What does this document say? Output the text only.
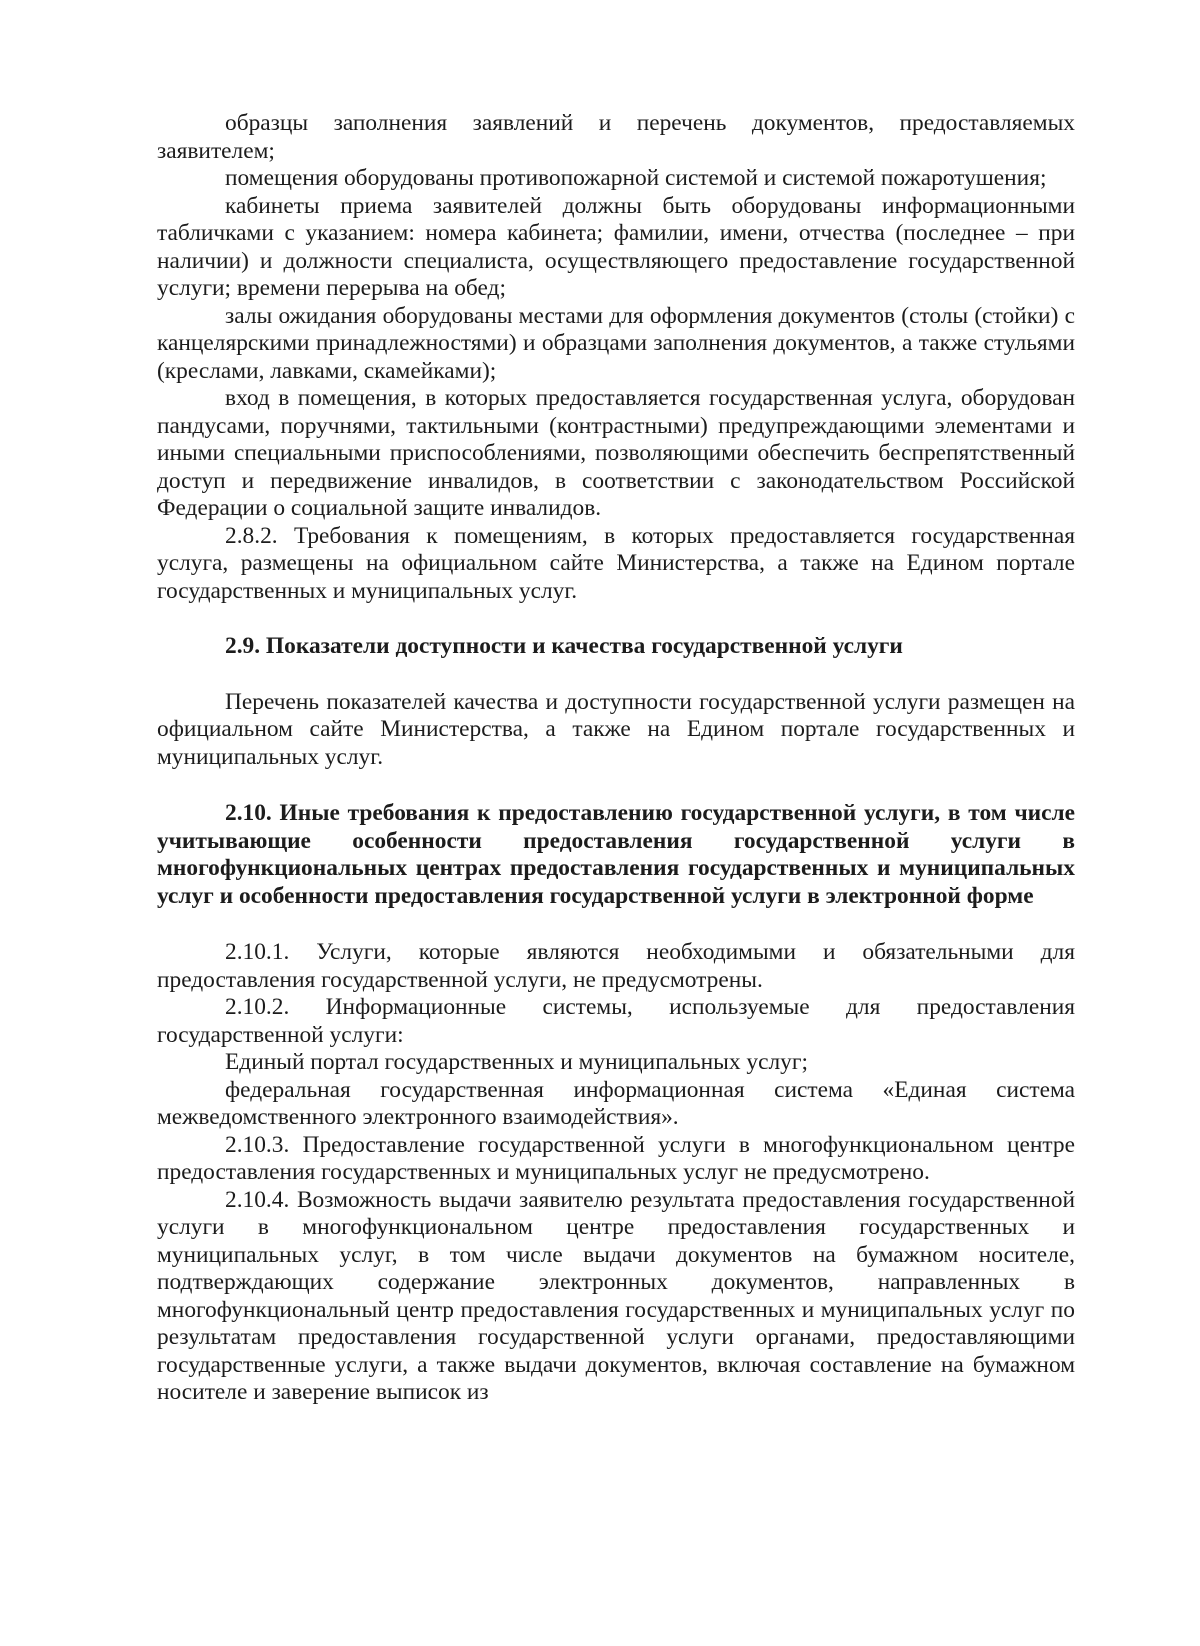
образцы заполнения заявлений и перечень документов, предоставляемых заявителем;

помещения оборудованы противопожарной системой и системой пожаротушения;

кабинеты приема заявителей должны быть оборудованы информационными табличками с указанием: номера кабинета; фамилии, имени, отчества (последнее – при наличии) и должности специалиста, осуществляющего предоставление государственной услуги; времени перерыва на обед;

залы ожидания оборудованы местами для оформления документов (столы (стойки) с канцелярскими принадлежностями) и образцами заполнения документов, а также стульями (креслами, лавками, скамейками);

вход в помещения, в которых предоставляется государственная услуга, оборудован пандусами, поручнями, тактильными (контрастными) предупреждающими элементами и иными специальными приспособлениями, позволяющими обеспечить беспрепятственный доступ и передвижение инвалидов, в соответствии с законодательством Российской Федерации о социальной защите инвалидов.

2.8.2. Требования к помещениям, в которых предоставляется государственная услуга, размещены на официальном сайте Министерства, а также на Едином портале государственных и муниципальных услуг.

2.9. Показатели доступности и качества государственной услуги

Перечень показателей качества и доступности государственной услуги размещен на официальном сайте Министерства, а также на Едином портале государственных и муниципальных услуг.

2.10. Иные требования к предоставлению государственной услуги, в том числе учитывающие особенности предоставления государственной услуги в многофункциональных центрах предоставления государственных и муниципальных услуг и особенности предоставления государственной услуги в электронной форме

2.10.1. Услуги, которые являются необходимыми и обязательными для предоставления государственной услуги, не предусмотрены.

2.10.2. Информационные системы, используемые для предоставления государственной услуги:

Единый портал государственных и муниципальных услуг;

федеральная государственная информационная система «Единая система межведомственного электронного взаимодействия».

2.10.3. Предоставление государственной услуги в многофункциональном центре предоставления государственных и муниципальных услуг не предусмотрено.

2.10.4. Возможность выдачи заявителю результата предоставления государственной услуги в многофункциональном центре предоставления государственных и муниципальных услуг, в том числе выдачи документов на бумажном носителе, подтверждающих содержание электронных документов, направленных в многофункциональный центр предоставления государственных и муниципальных услуг по результатам предоставления государственной услуги органами, предоставляющими государственные услуги, а также выдачи документов, включая составление на бумажном носителе и заверение выписок из
